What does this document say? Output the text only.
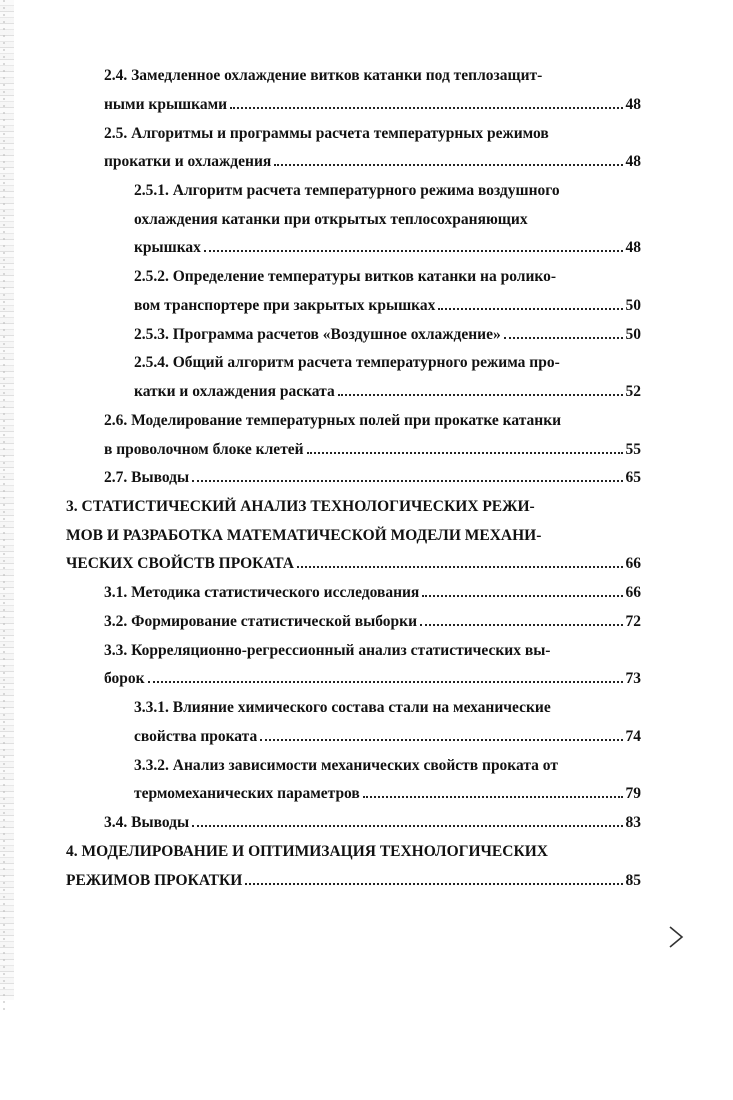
2.4. Замедленное охлаждение витков катанки под теплозащит-
ными крышками	48
2.5. Алгоритмы и программы расчета температурных режимов
прокатки и охлаждения	48
2.5.1. Алгоритм расчета температурного режима воздушного
охлаждения катанки при открытых теплосохраняющих
крышках	48
2.5.2. Определение температуры витков катанки на ролико-
вом транспортере при закрытых крышках	50
2.5.3. Программа расчетов «Воздушное охлаждение»	50
2.5.4. Общий алгоритм расчета температурного режима про-
катки и охлаждения раската	52
2.6. Моделирование температурных полей при прокатке катанки
в проволочном блоке клетей	55
2.7. Выводы	65
3. СТАТИСТИЧЕСКИЙ АНАЛИЗ ТЕХНОЛОГИЧЕСКИХ РЕЖИ-
МОВ И РАЗРАБОТКА МАТЕМАТИЧЕСКОЙ МОДЕЛИ МЕХАНИ-
ЧЕСКИХ СВОЙСТВ ПРОКАТА	66
3.1. Методика статистического исследования	66
3.2. Формирование статистической выборки	72
3.3. Корреляционно-регрессионный анализ статистических вы-
борок	73
3.3.1. Влияние химического состава стали на механические
свойства проката	74
3.3.2. Анализ зависимости механических свойств проката от
термомеханических параметров	79
3.4. Выводы	83
4. МОДЕЛИРОВАНИЕ И ОПТИМИЗАЦИЯ ТЕХНОЛОГИЧЕСКИХ
РЕЖИМОВ ПРОКАТКИ	85
